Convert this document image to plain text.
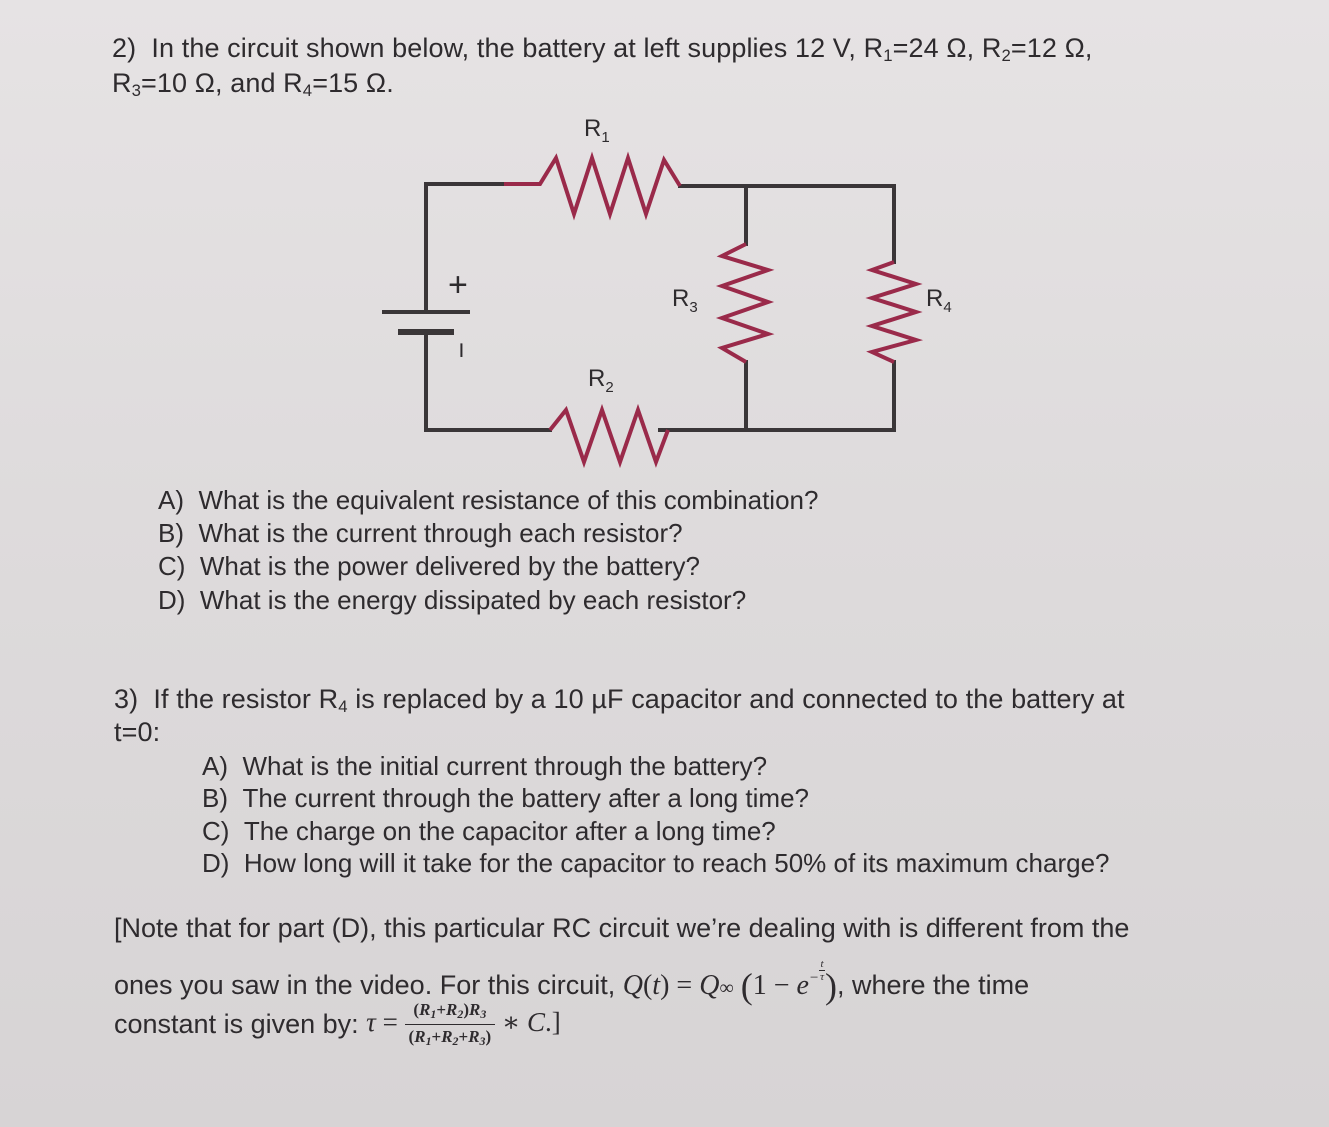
2) In the circuit shown below, the battery at left supplies 12 V, $R_1=24$ Ω, $R_2=12$ Ω,
$R_3=10$ Ω, and $R_4=15$ Ω.
$R_1$
$R_2$
$R_3$	$R_4$
+
−
A) What is the equivalent resistance of this combination?
B) What is the current through each resistor?
C) What is the power delivered by the battery?
D) What is the energy dissipated by each resistor?
3) If the resistor $R_4$ is replaced by a 10 µF capacitor and connected to the battery at
t=0:
A) What is the initial current through the battery?
B) The current through the battery after a long time?
C) The charge on the capacitor after a long time?
D) How long will it take for the capacitor to reach 50% of its maximum charge?
[Note that for part (D), this particular RC circuit we’re dealing with is different from the
ones you saw in the video. For this circuit, Q(t) = Q∞ ($1 - e^{- \frac{t}{\tau}}$ ), where the time
constant is given by: $\tau = \frac{(R_1+R_2)R_3}{(R_1+R_2+R_3)}$ ∗ C.]
